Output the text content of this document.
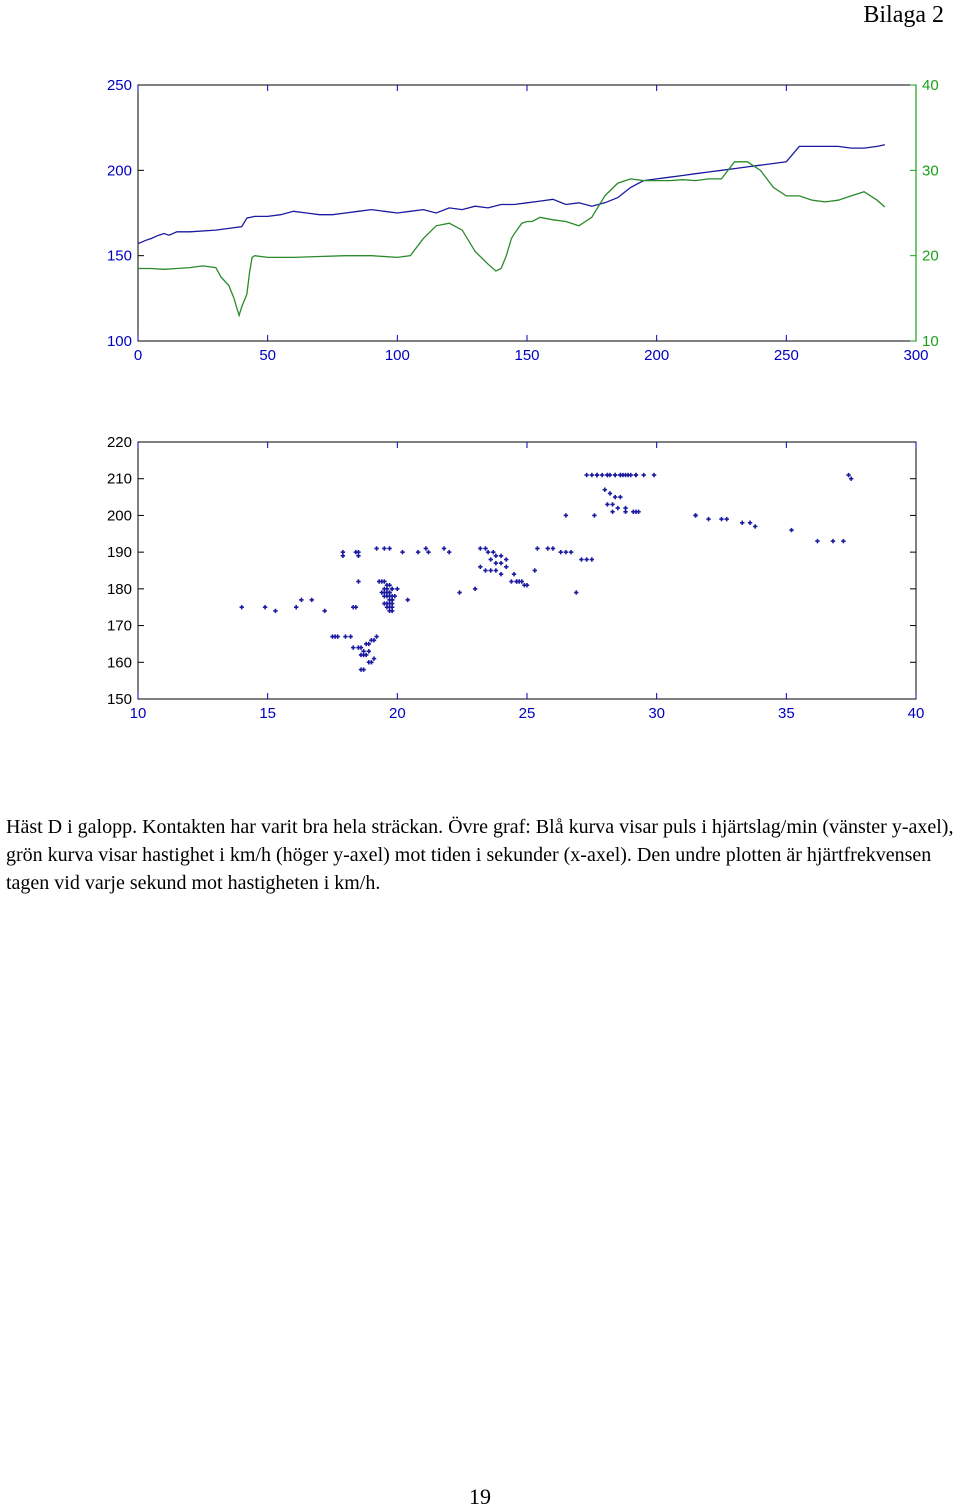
Bilaga 2
0	50	100	150	200	250	300
100
150
200
250
10
20
30
40
10	15	20	25	30	35	40
150
160
170
180
190
200
210
220
Häst D i galopp. Kontakten har varit bra hela sträckan. Övre graf: Blå kurva visar puls i hjärtslag/min (vänster y-axel), grön kurva visar hastighet i km/h (höger y-axel) mot tiden i sekunder (x-axel). Den undre plotten är hjärtfrekvensen tagen vid varje sekund mot hastigheten i km/h.
19
